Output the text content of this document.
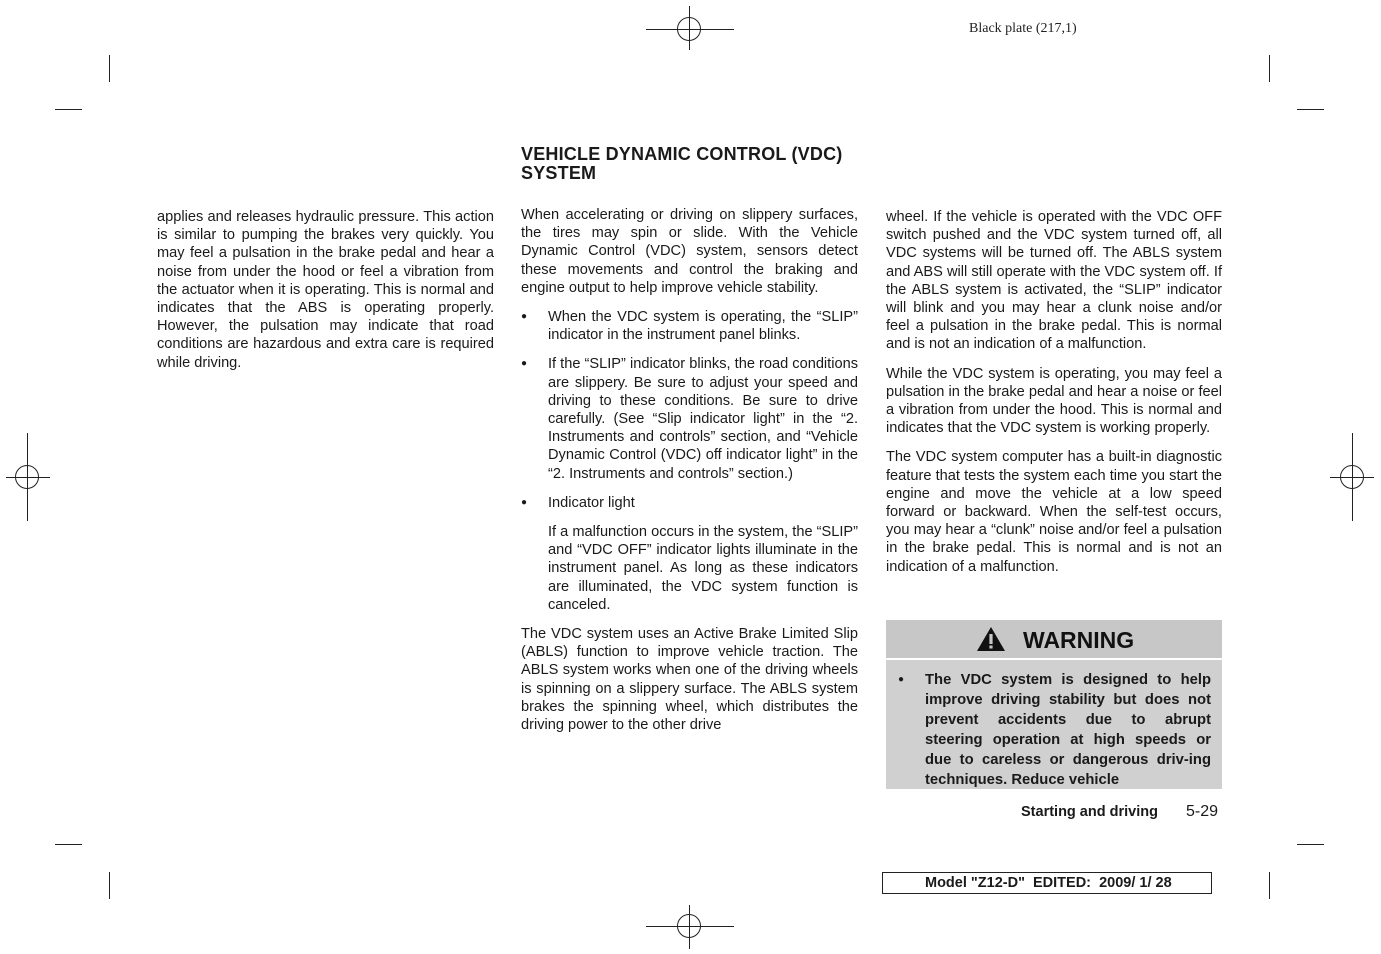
Black plate (217,1)
VEHICLE DYNAMIC CONTROL (VDC)
SYSTEM

applies and releases hydraulic pressure. This action is similar to pumping the brakes very quickly. You may feel a pulsation in the brake pedal and hear a noise from under the hood or feel a vibration from the actuator when it is operating. This is normal and indicates that the ABS is operating properly. However, the pulsation may indicate that road conditions are hazardous and extra care is required while driving.

When accelerating or driving on slippery surfaces, the tires may spin or slide. With the Vehicle Dynamic Control (VDC) system, sensors detect these movements and control the braking and engine output to help improve vehicle stability.

● When the VDC system is operating, the “SLIP” indicator in the instrument panel blinks.
● If the “SLIP” indicator blinks, the road conditions are slippery. Be sure to adjust your speed and driving to these conditions. Be sure to drive carefully. (See “Slip indicator light” in the “2. Instruments and controls” section, and “Vehicle Dynamic Control (VDC) off indicator light” in the “2. Instruments and controls” section.)
● Indicator light

If a malfunction occurs in the system, the “SLIP” and “VDC OFF” indicator lights illuminate in the instrument panel. As long as these indicators are illuminated, the VDC system function is canceled.

The VDC system uses an Active Brake Limited Slip (ABLS) function to improve vehicle traction. The ABLS system works when one of the driving wheels is spinning on a slippery surface. The ABLS system brakes the spinning wheel, which distributes the driving power to the other drive

wheel. If the vehicle is operated with the VDC OFF switch pushed and the VDC system turned off, all VDC systems will be turned off. The ABLS system and ABS will still operate with the VDC system off. If the ABLS system is activated, the “SLIP” indicator will blink and you may hear a clunk noise and/or feel a pulsation in the brake pedal. This is normal and is not an indication of a malfunction.

While the VDC system is operating, you may feel a pulsation in the brake pedal and hear a noise or feel a vibration from under the hood. This is normal and indicates that the VDC system is working properly.

The VDC system computer has a built-in diagnostic feature that tests the system each time you start the engine and move the vehicle at a low speed forward or backward. When the self-test occurs, you may hear a “clunk” noise and/or feel a pulsation in the brake pedal. This is normal and is not an indication of a malfunction.

WARNING
● The VDC system is designed to help improve driving stability but does not prevent accidents due to abrupt steering operation at high speeds or due to careless or dangerous driv-ing techniques. Reduce vehicle
Starting and driving 5-29
Model "Z12-D"  EDITED:  2009/ 1/ 28
